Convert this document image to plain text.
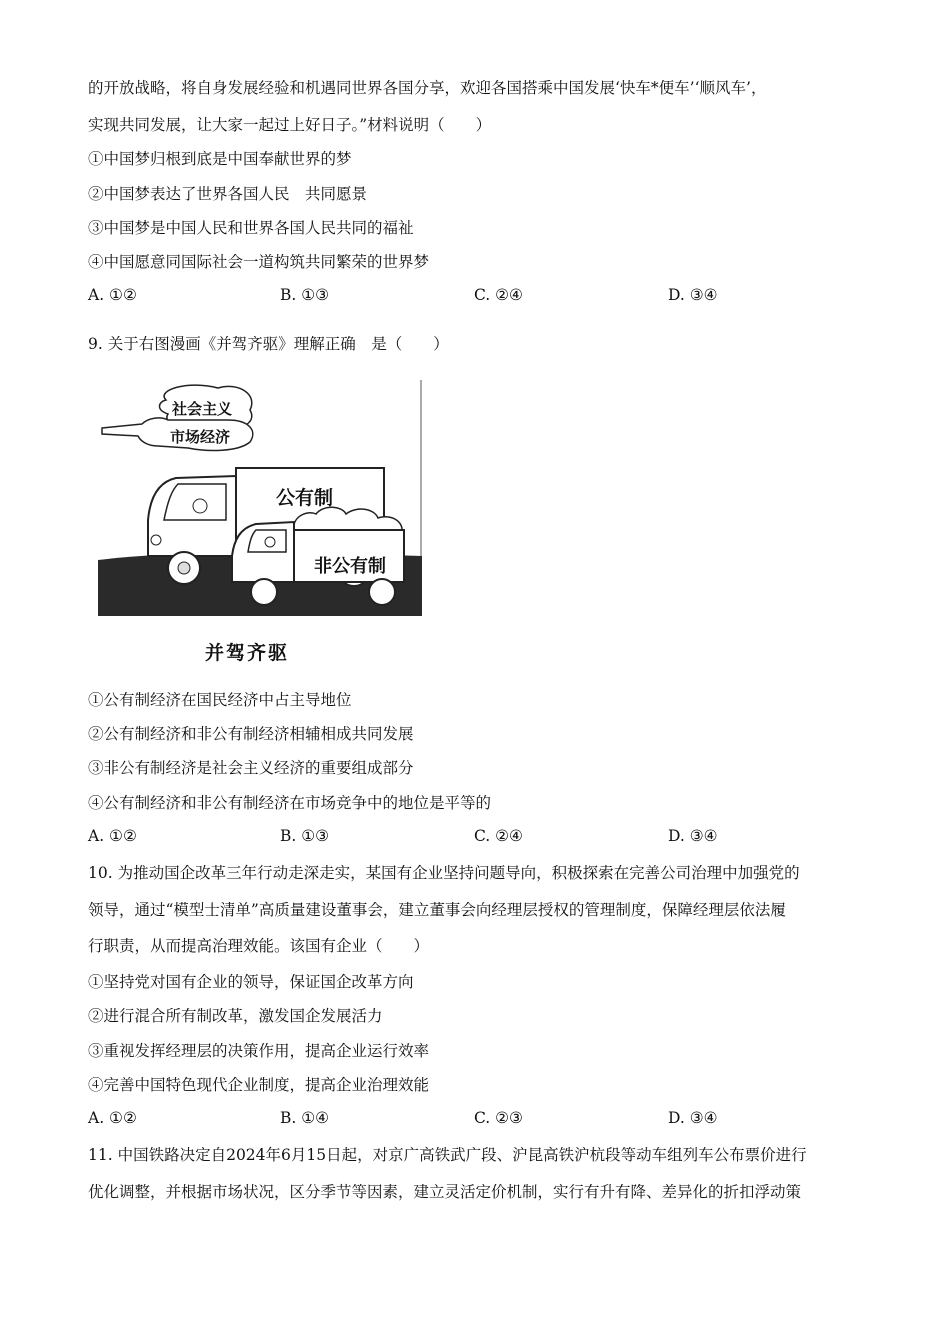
的开放战略，将自身发展经验和机遇同世界各国分享，欢迎各国搭乘中国发展‘快车*便车’‘顺风车’，
实现共同发展，让大家一起过上好日子。”材料说明（　　）
①中国梦归根到底是中国奉献世界的梦
②中国梦表达了世界各国人民　共同愿景
③中国梦是中国人民和世界各国人民共同的福祉
④中国愿意同国际社会一道构筑共同繁荣的世界梦
A. ①②	B. ①③	C. ②④	D. ③④
9. 关于右图漫画《并驾齐驱》理解正确　是（　　）
社会主义
市场经济
公有制
非公有制
并驾齐驱
①公有制经济在国民经济中占主导地位
②公有制经济和非公有制经济相辅相成共同发展
③非公有制经济是社会主义经济的重要组成部分
④公有制经济和非公有制经济在市场竞争中的地位是平等的
A. ①②	B. ①③	C. ②④	D. ③④
10. 为推动国企改革三年行动走深走实，某国有企业坚持问题导向，积极探索在完善公司治理中加强党的
领导，通过“模型士清单”高质量建设董事会，建立董事会向经理层授权的管理制度，保障经理层依法履
行职责，从而提高治理效能。该国有企业（　　）
①坚持党对国有企业的领导，保证国企改革方向
②进行混合所有制改革，激发国企发展活力
③重视发挥经理层的决策作用，提高企业运行效率
④完善中国特色现代企业制度，提高企业治理效能
A. ①②	B. ①④	C. ②③	D. ③④
11. 中国铁路决定自2024年6月15日起，对京广高铁武广段、沪昆高铁沪杭段等动车组列车公布票价进行
优化调整，并根据市场状况，区分季节等因素，建立灵活定价机制，实行有升有降、差异化的折扣浮动策
